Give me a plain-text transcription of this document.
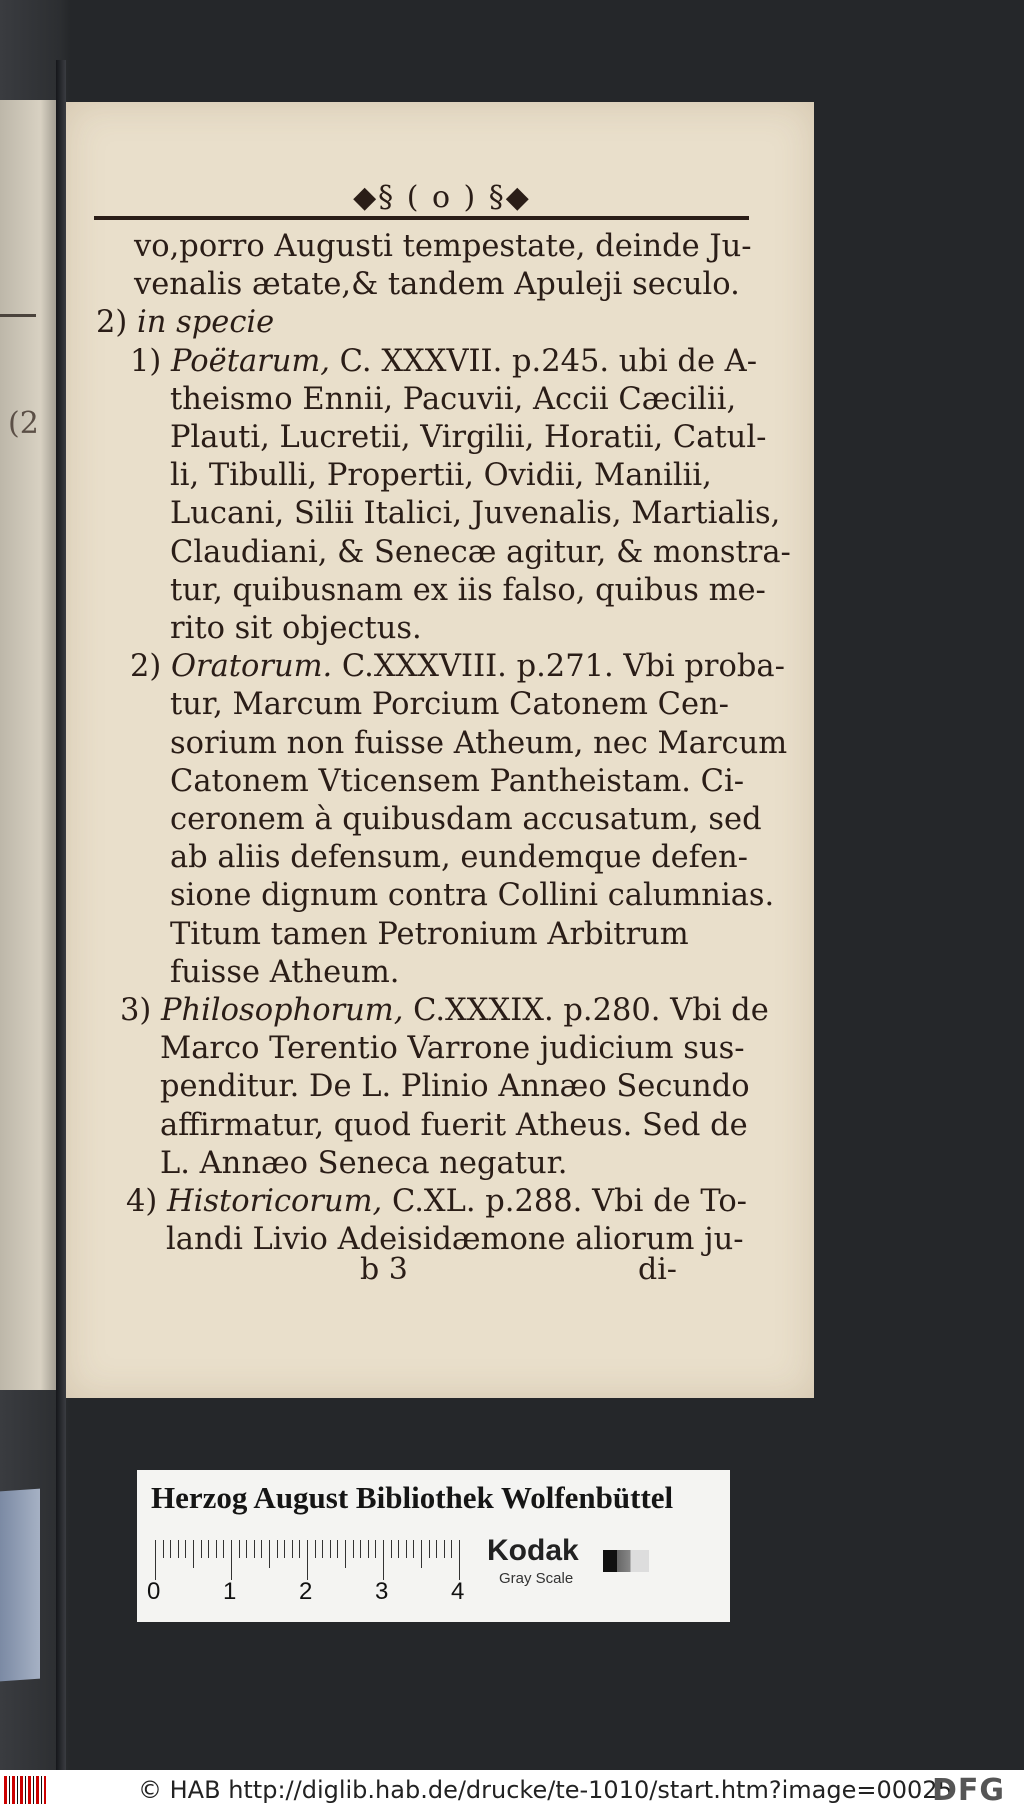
(2
◆§ ( ο ) §◆
vo,porro Augusti tempestate, deinde Ju-
venalis ætate,& tandem Apuleji seculo.
2) in specie
1) Poëtarum, C. XXXVII. p.245. ubi de A-
theismo Ennii, Pacuvii, Accii Cæcilii,
Plauti, Lucretii, Virgilii, Horatii, Catul-
li, Tibulli, Propertii, Ovidii, Manilii,
Lucani, Silii Italici, Juvenalis, Martialis,
Claudiani, & Senecæ agitur, & monstra-
tur, quibusnam ex iis falso, quibus me-
rito sit objectus.
2) Oratorum. C.XXXVIII. p.271. Vbi proba-
tur, Marcum Porcium Catonem Cen-
sorium non fuisse Atheum, nec Marcum
Catonem Vticensem Pantheistam. Ci-
ceronem à quibusdam accusatum, sed
ab aliis defensum, eundemque defen-
sione dignum contra Collini calumnias.
Titum tamen Petronium Arbitrum
fuisse Atheum.
3) Philosophorum, C.XXXIX. p.280. Vbi de
Marco Terentio Varrone judicium sus-
penditur. De L. Plinio Annæo Secundo
affirmatur, quod fuerit Atheus. Sed de
L. Annæo Seneca negatur.
4) Historicorum, C.XL. p.288. Vbi de To-
landi Livio Adeisidæmone aliorum ju-
b 3	di-
Herzog August Bibliothek Wolfenbüttel
0	1	2	3	4
Kodak
Gray Scale
© HAB http://diglib.hab.de/drucke/te-1010/start.htm?image=00025
DFG
